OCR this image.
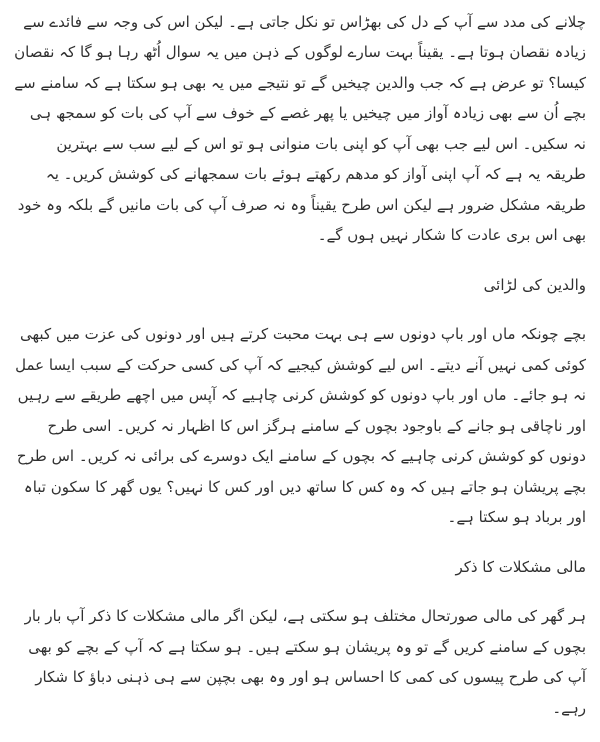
چلانے کی مدد سے آپ کے دل کی بھڑاس تو نکل جاتی ہے۔ لیکن اس کی وجہ سے فائدے سے زیادہ نقصان ہوتا ہے۔ یقیناً بہت سارے لوگوں کے ذہن میں یہ سوال اُٹھ رہا ہو گا کہ نقصان کیسا؟ تو عرض ہے کہ جب والدین چیخیں گے تو نتیجے میں یہ بھی ہو سکتا ہے کہ سامنے سے بچے اُن سے بھی زیادہ آواز میں چیخیں یا پھر غصے کے خوف سے آپ کی بات کو سمجھ ہی نہ سکیں۔ اس لیے جب بھی آپ کو اپنی بات منوانی ہو تو اس کے لیے سب سے بہترین طریقہ یہ ہے کہ آپ اپنی آواز کو مدھم رکھتے ہوئے بات سمجھانے کی کوشش کریں۔ یہ طریقہ مشکل ضرور ہے لیکن اس طرح یقیناً وہ نہ صرف آپ کی بات مانیں گے بلکہ وہ خود بھی اس بری عادت کا شکار نہیں ہوں گے۔

والدین کی لڑائی

بچے چونکہ ماں اور باپ دونوں سے ہی بہت محبت کرتے ہیں اور دونوں کی عزت میں کبھی کوئی کمی نہیں آنے دیتے۔ اس لیے کوشش کیجیے کہ آپ کی کسی حرکت کے سبب ایسا عمل نہ ہو جائے۔ ماں اور باپ دونوں کو کوشش کرنی چاہیے کہ آپس میں اچھے طریقے سے رہیں اور ناچاقی ہو جانے کے باوجود بچوں کے سامنے ہرگز اس کا اظہار نہ کریں۔ اسی طرح دونوں کو کوشش کرنی چاہیے کہ بچوں کے سامنے ایک دوسرے کی برائی نہ کریں۔ اس طرح بچے پریشان ہو جاتے ہیں کہ وہ کس کا ساتھ دیں اور کس کا نہیں؟ یوں گھر کا سکون تباہ اور برباد ہو سکتا ہے۔

مالی مشکلات کا ذکر

ہر گھر کی مالی صورتحال مختلف ہو سکتی ہے، لیکن اگر مالی مشکلات کا ذکر آپ بار بار بچوں کے سامنے کریں گے تو وہ پریشان ہو سکتے ہیں۔ ہو سکتا ہے کہ آپ کے بچے کو بھی آپ کی طرح پیسوں کی کمی کا احساس ہو اور وہ بھی بچپن سے ہی ذہنی دباؤ کا شکار رہے۔
